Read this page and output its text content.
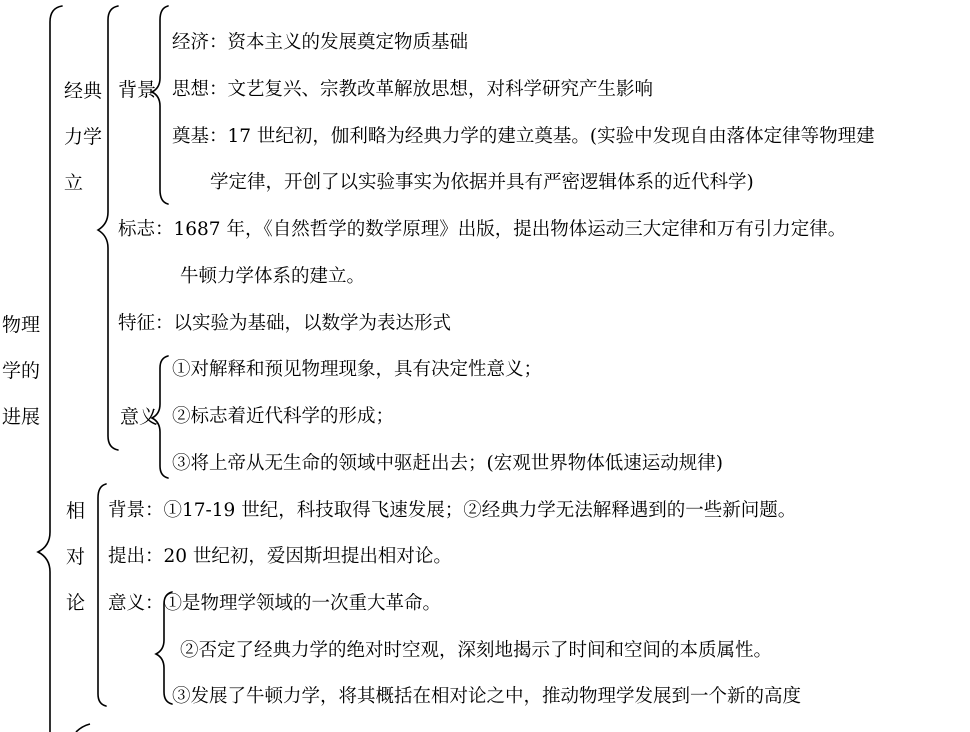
物理
学的
进展
经典
力学
立
背景
经济：资本主义的发展奠定物质基础
思想：文艺复兴、宗教改革解放思想，对科学研究产生影响
奠基：17 世纪初，伽利略为经典力学的建立奠基。(实验中发现自由落体定律等物理建
学定律，开创了以实验事实为依据并具有严密逻辑体系的近代科学)
标志：1687 年，《自然哲学的数学原理》出版，提出物体运动三大定律和万有引力定律。
牛顿力学体系的建立。
特征：以实验为基础，以数学为表达形式
意义
①对解释和预见物理现象，具有决定性意义；
②标志着近代科学的形成；
③将上帝从无生命的领域中驱赶出去；(宏观世界物体低速运动规律)
相
对
论
背景：①17-19 世纪，科技取得飞速发展；②经典力学无法解释遇到的一些新问题。
提出：20 世纪初，爱因斯坦提出相对论。
意义：①是物理学领域的一次重大革命。
②否定了经典力学的绝对时空观，深刻地揭示了时间和空间的本质属性。
③发展了牛顿力学，将其概括在相对论之中，推动物理学发展到一个新的高度
